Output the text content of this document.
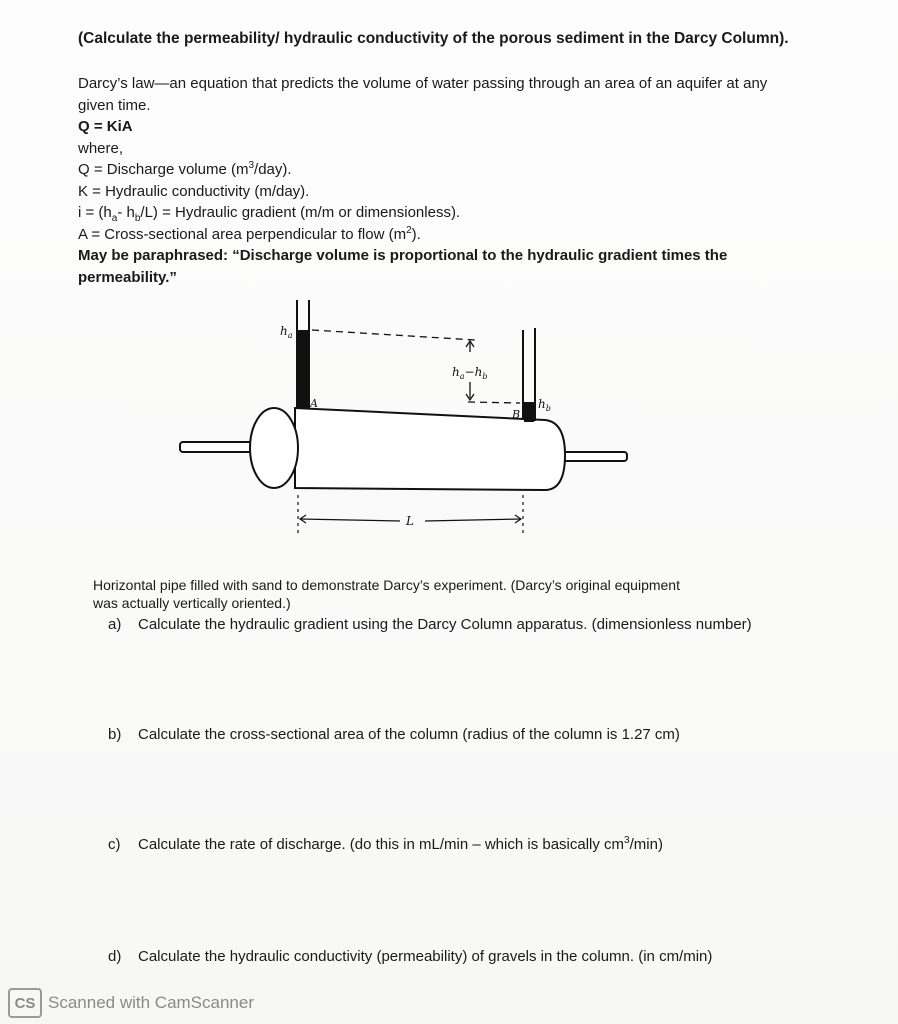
(Calculate the permeability/ hydraulic conductivity of the porous sediment in the Darcy Column).
Darcy’s law—an equation that predicts the volume of water passing through an area of an aquifer at any
given time.
Q = KiA
where,
Q = Discharge volume $(m^3/day)$.
K = Hydraulic conductivity (m/day).
$i = (h_a-$ $h_b/L$) = Hydraulic gradient (m/m or dimensionless).
A = Cross-sectional area perpendicular to flow $(m^2)$.
May be paraphrased: “Discharge volume is proportional to the hydraulic gradient times the
permeability.”
$h_a$
$h_a-h_b$
$h_b$
A
B
L
Horizontal pipe filled with sand to demonstrate Darcy’s experiment. (Darcy’s original equipment was actually vertically oriented.)
a) Calculate the hydraulic gradient using the Darcy Column apparatus. (dimensionless number)
b) Calculate the cross-sectional area of the column (radius of the column is 1.27 cm)
c) Calculate the rate of discharge. (do this in mL/min – which is basically $cm^3/\min$)
d) Calculate the hydraulic conductivity (permeability) of gravels in the column. (in cm/min)
CS Scanned with CamScanner
